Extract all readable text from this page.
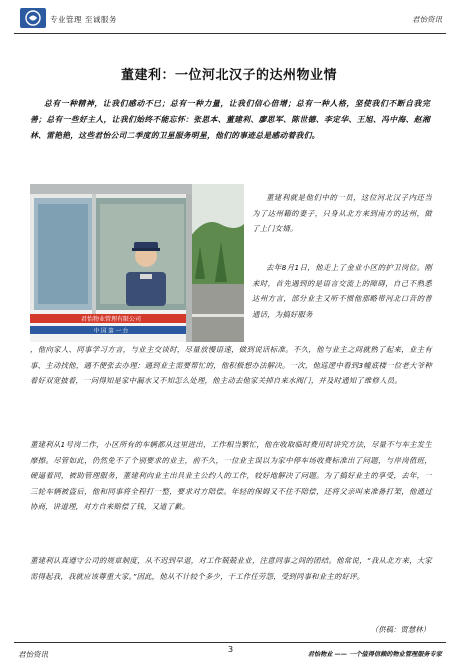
专业管理 至诚服务	君怡资讯
董建利：一位河北汉子的达州物业情

总有一种精神，让我们感动不已；总有一种力量，让我们信心倍增；总有一种人格，坚使我们不断自我完善；总有一些好主人，让我们始终不能忘怀：张思本、董建利、廖思军、陈世德、李定华、王旭、冯中海、赵湘林、雷艳艳，这些君怡公司二季度的卫星服务明星，他们的事迹总是感动着我们。

君怡物业管理有限公司
中 国 第 一 台

董建利就是他们中的一员，这位河北汉子内还当为了达州籍的妻子，只身从北方来到南方的达州，做了上门女婿。

去年8月1日，他走上了金业小区的护卫岗位。刚来时，首先遇到的是语言交流上的障碍，自己不熟悉达州方言，部分业主又听不惯他那略带河北口音的普通话，为搞好服务

，他向家人、同事学习方言，与业主交谈时，尽量放慢语速，做到说话标准。不久，他与业主之间就熟了起来，业主有事、主动找他，遇不便张去办理；遇到业主需要帮忙的，他积极想办法解决。一次，他巡逻中看到3幢底楼一位老大爷种着好双宽披着，一问得知是家中漏水又不知怎么处理，他主动去他家关掉自来水阀门，并及时通知了维修人员。

董建利从1号岗二作，小区所有的车辆都从这里进出，工作相当繁忙，他在收取临时费用时讲究方法，尽量不与车主发生摩擦。尽管如此，仍然免不了个别要求的业主，前不久，一位业主误以为家中停车场收费标准出了问题，与岸岗值班，硬逼着同，被助管理服务，董建利向业主出具业主公约人的工作，较好地解决了问题。为了搞好业主的享受，去年，一三轮车辆被盗后，他和同事将全程打一整，要求对方陪偿。年轻的保姆又不住不陪偿，还将父亲叫来准备打架，他通过协商，讲道理，对方自来赔偿了钱，又道了歉。

董建利认真遵守公司的规章制度，从不迟到早退，对工作兢兢业业，注意同事之间的团结。他常说，“我从北方来，大家需得起我，我就应该尊重大家。”因此，他从不计较个多少，干工作任劳怨，受到同事和业主的好评。

（供稿：贾慧林）

君怡资讯
3
君怡物业 —— 一个值得信赖的物业管理服务专家
